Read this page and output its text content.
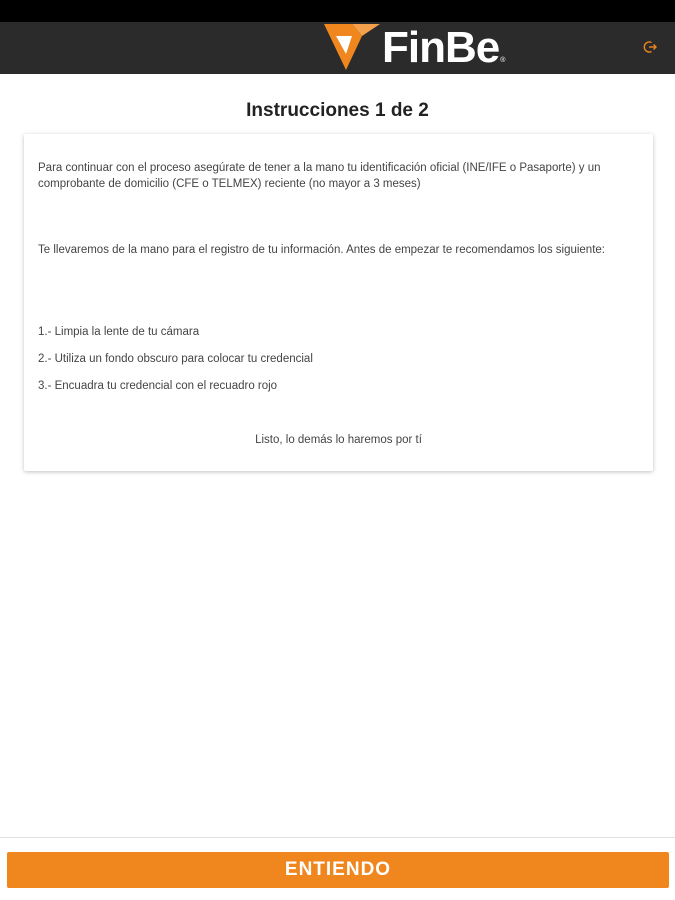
FinBe ®
Instrucciones 1 de 2

Para continuar con el proceso asegúrate de tener a la mano tu identificación oficial (INE/IFE o Pasaporte) y un comprobante de domicilio (CFE o TELMEX) reciente (no mayor a 3 meses)

Te llevaremos de la mano para el registro de tu información. Antes de empezar te recomendamos los siguiente:

1.- Limpia la lente de tu cámara

2.- Utiliza un fondo obscuro para colocar tu credencial

3.- Encuadra tu credencial con el recuadro rojo

Listo, lo demás lo haremos por tí

ENTIENDO
